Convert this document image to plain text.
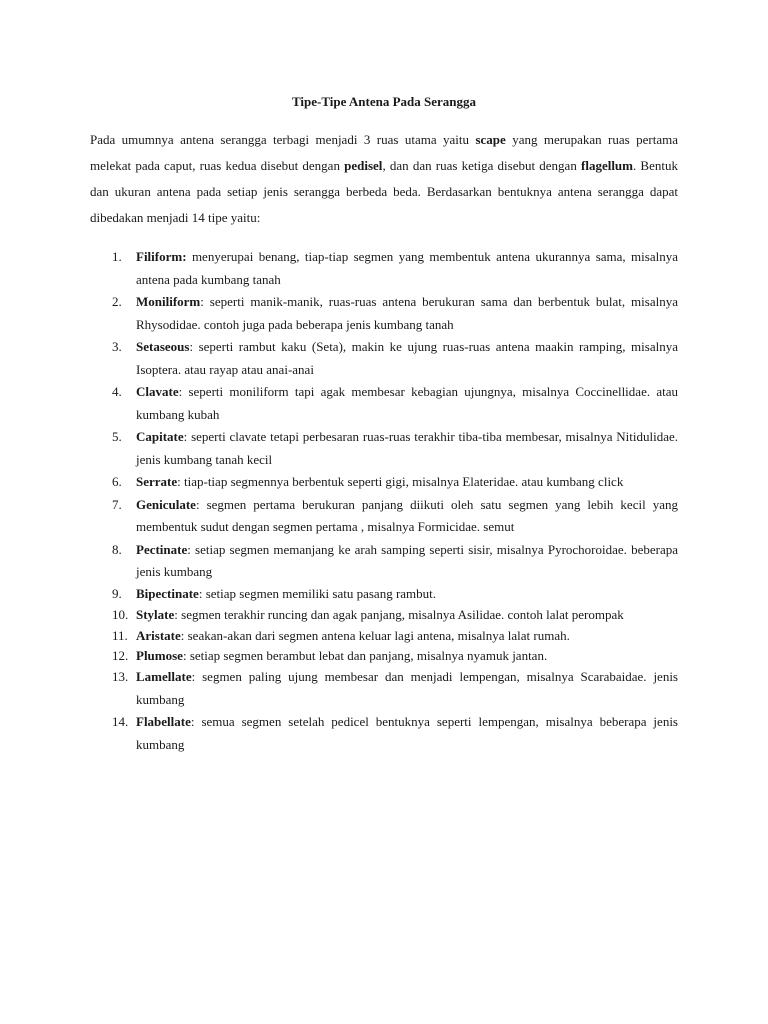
Tipe-Tipe Antena Pada Serangga

Pada umumnya antena serangga terbagi menjadi 3 ruas utama yaitu scape yang merupakan ruas pertama melekat pada caput, ruas kedua disebut dengan pedisel, dan dan ruas ketiga disebut dengan flagellum. Bentuk dan ukuran antena pada setiap jenis serangga berbeda beda. Berdasarkan bentuknya antena serangga dapat dibedakan menjadi 14 tipe yaitu:

1.	Filiform: menyerupai benang, tiap-tiap segmen yang membentuk antena ukurannya sama, misalnya antena pada kumbang tanah
2.	Moniliform: seperti manik-manik, ruas-ruas antena berukuran sama dan berbentuk bulat, misalnya Rhysodidae. contoh juga pada beberapa jenis kumbang tanah
3.	Setaseous: seperti rambut kaku (Seta), makin ke ujung ruas-ruas antena maakin ramping, misalnya Isoptera. atau rayap atau anai-anai
4.	Clavate: seperti moniliform tapi agak membesar kebagian ujungnya, misalnya Coccinellidae. atau kumbang kubah
5.	Capitate: seperti clavate tetapi perbesaran ruas-ruas terakhir tiba-tiba membesar, misalnya Nitidulidae. jenis kumbang tanah kecil
6.	Serrate: tiap-tiap segmennya berbentuk seperti gigi, misalnya Elateridae. atau kumbang click
7.	Geniculate: segmen pertama berukuran panjang diikuti oleh satu segmen yang lebih kecil yang membentuk sudut dengan segmen pertama , misalnya Formicidae. semut
8.	Pectinate: setiap segmen memanjang ke arah samping seperti sisir, misalnya Pyrochoroidae. beberapa jenis kumbang
9.	Bipectinate: setiap segmen memiliki satu pasang rambut.
10. Stylate: segmen terakhir runcing dan agak panjang, misalnya Asilidae. contoh lalat perompak
11. Aristate: seakan-akan dari segmen antena keluar lagi antena, misalnya lalat rumah.
12. Plumose: setiap segmen berambut lebat dan panjang, misalnya nyamuk jantan.
13. Lamellate: segmen paling ujung membesar dan menjadi lempengan, misalnya Scarabaidae. jenis kumbang
14. Flabellate: semua segmen setelah pedicel bentuknya seperti lempengan, misalnya beberapa jenis kumbang
